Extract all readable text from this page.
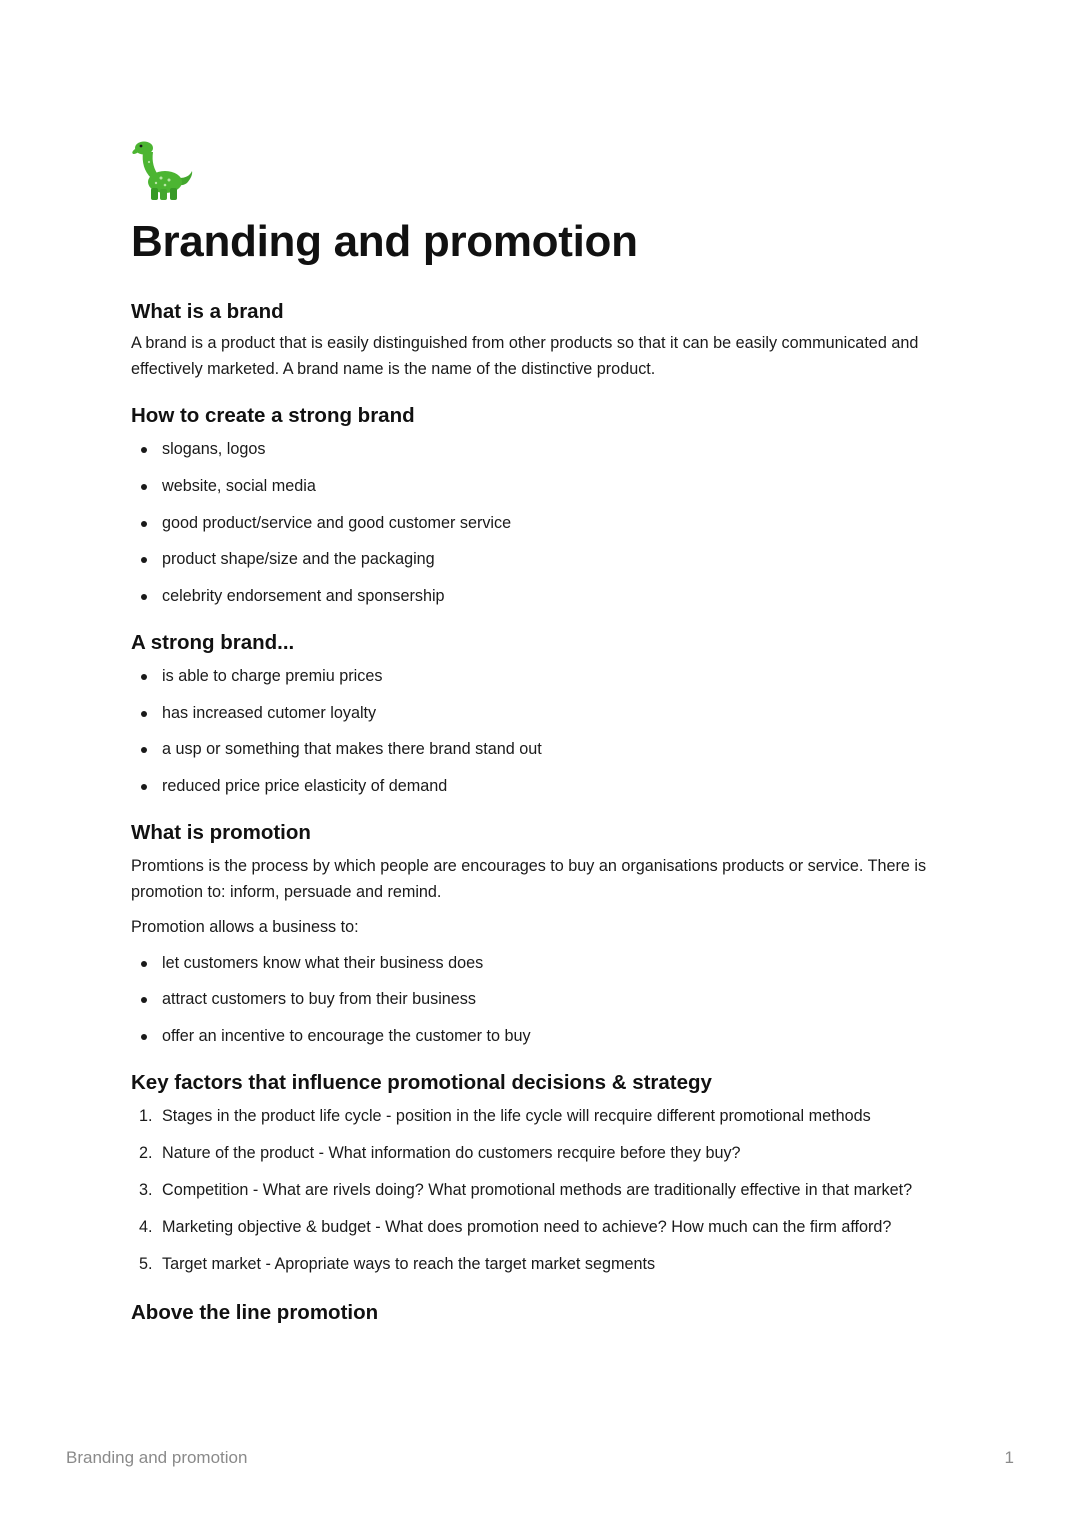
Branding and promotion
What is a brand

A brand is a product that is easily distinguished from other products so that it can be easily communicated and effectively marketed. A brand name is the name of the distinctive product.

How to create a strong brand
slogans, logos
website, social media
good product/service and good customer service
product shape/size and the packaging
celebrity endorsement and sponsership
A strong brand...
is able to charge premiu prices
has increased cutomer loyalty
a usp or something that makes there brand stand out
reduced price price elasticity of demand
What is promotion

Promtions is the process by which people are encourages to buy an organisations products or service. There is promotion to: inform, persuade and remind.

Promotion allows a business to:

let customers know what their business does
attract customers to buy from their business
offer an incentive to encourage the customer to buy
Key factors that influence promotional decisions & strategy
1. Stages in the product life cycle - position in the life cycle will recquire different promotional methods
2. Nature of the product - What information do customers recquire before they buy?
3. Competition - What are rivels doing? What promotional methods are traditionally effective in that market?
4. Marketing objective & budget - What does promotion need to achieve? How much can the firm afford?
5. Target market - Apropriate ways to reach the target market segments
Above the line promotion
Branding and promotion	1
